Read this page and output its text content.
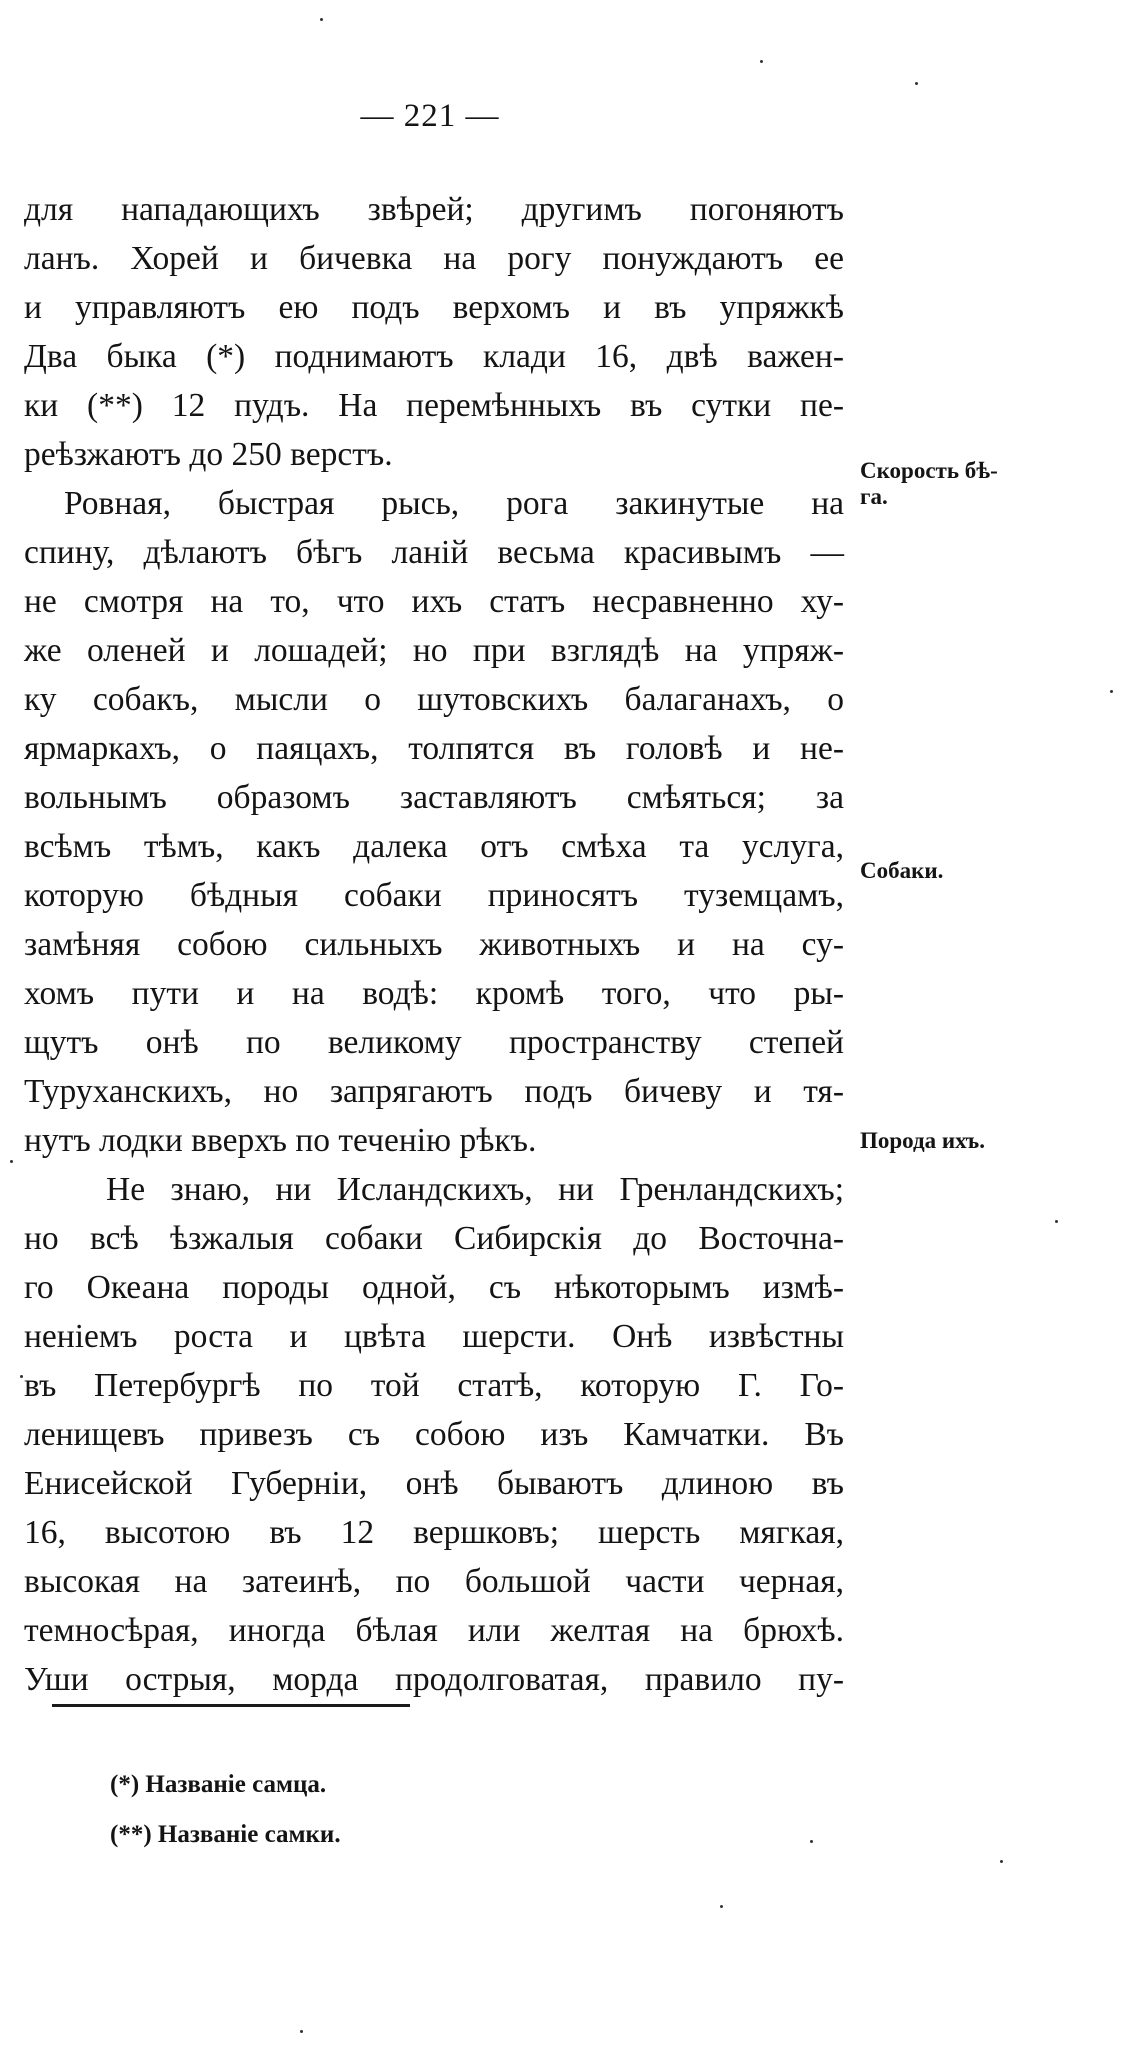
— 221 —
для нападающихъ звѣрей; другимъ погоняютъ
ланъ. Хорей и бичевка на рогу понуждаютъ ее
и управляютъ ею подъ верхомъ и въ упряжкѣ
Два быка (*) поднимаютъ клади 16, двѣ важен-
ки (**) 12 пудъ. На перемѣнныхъ въ сутки пе-
реѣзжаютъ до 250 верстъ.
Ровная, быстрая рысь, рога закинутые на
спину, дѣлаютъ бѣгъ ланій весьма красивымъ —
не смотря на то, что ихъ статъ несравненно ху-
же оленей и лошадей; но при взглядѣ на упряж-
ку собакъ, мысли о шутовскихъ балаганахъ, о
ярмаркахъ, о паяцахъ, толпятся въ головѣ и не-
вольнымъ образомъ заставляютъ смѣяться; за
всѣмъ тѣмъ, какъ далека отъ смѣха та услуга,
которую бѣдныя собаки приносятъ туземцамъ,
замѣняя собою сильныхъ животныхъ и на су-
хомъ пути и на водѣ: кромѣ того, что ры-
щутъ онѣ по великому пространству степей
Туруханскихъ, но запрягаютъ подъ бичеву и тя-
нутъ лодки вверхъ по теченію рѣкъ.
Не знаю, ни Исландскихъ, ни Гренландскихъ;
но всѣ ѣзжалыя собаки Сибирскія до Восточна-
го Океана породы одной, съ нѣкоторымъ измѣ-
неніемъ роста и цвѣта шерсти. Онѣ извѣстны
въ Петербургѣ по той статѣ, которую Г. Го-
ленищевъ привезъ съ собою изъ Камчатки. Въ
Енисейской Губерніи, онѣ бываютъ длиною въ
16, высотою въ 12 вершковъ; шерсть мягкая,
высокая на затеинѣ, по большой части черная,
темносѣрая, иногда бѣлая или желтая на брюхѣ.
Уши острыя, морда продолговатая, правило пу-
Скорость бѣ-
га.
Собаки.
Порода ихъ.
(*) Названіе самца.
(**) Названіе самки.
